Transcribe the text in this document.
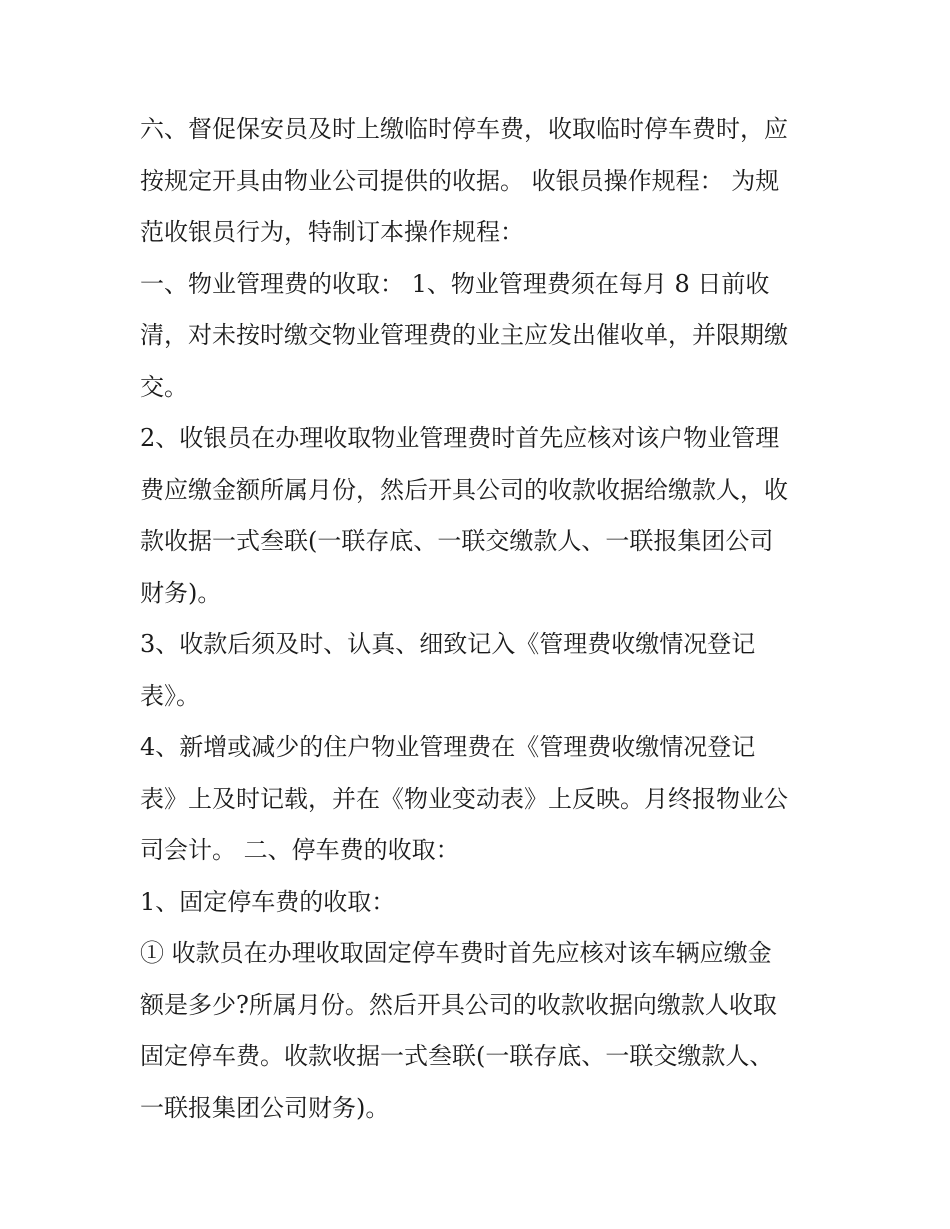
六、督促保安员及时上缴临时停车费，收取临时停车费时，应
按规定开具由物业公司提供的收据。 收银员操作规程： 为规
范收银员行为，特制订本操作规程：
一、物业管理费的收取： 1、物业管理费须在每月 8 日前收
清，对未按时缴交物业管理费的业主应发出催收单，并限期缴
交。
2、收银员在办理收取物业管理费时首先应核对该户物业管理
费应缴金额所属月份，然后开具公司的收款收据给缴款人，收
款收据一式叁联(一联存底、一联交缴款人、一联报集团公司
财务)。
3、收款后须及时、认真、细致记入《管理费收缴情况登记
表》。
4、新增或减少的住户物业管理费在《管理费收缴情况登记
表》上及时记载，并在《物业变动表》上反映。月终报物业公
司会计。 二、停车费的收取：
1、固定停车费的收取：
① 收款员在办理收取固定停车费时首先应核对该车辆应缴金
额是多少?所属月份。然后开具公司的收款收据向缴款人收取
固定停车费。收款收据一式叁联(一联存底、一联交缴款人、
一联报集团公司财务)。
